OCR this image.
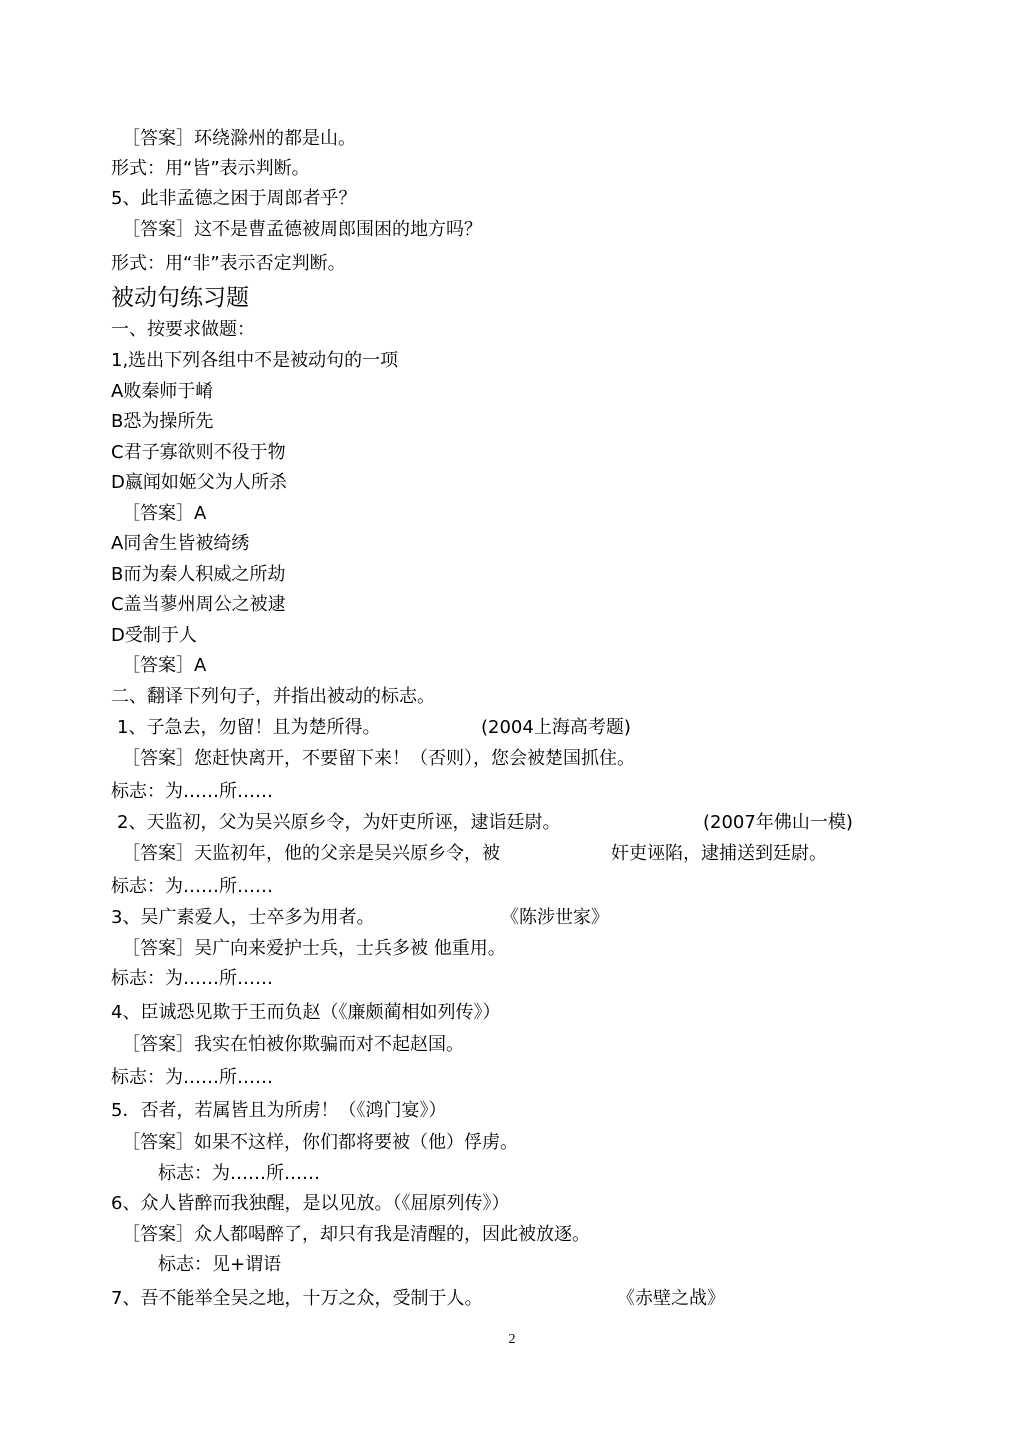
［答案］环绕滁州的都是山。
形式：用“皆”表示判断。
5、此非孟德之困于周郎者乎？
［答案］这不是曹孟德被周郎围困的地方吗？
形式：用“非”表示否定判断。
被动句练习题
一、按要求做题：
1,选出下列各组中不是被动句的一项
A败秦师于崤
B恐为操所先
C君子寡欲则不役于物
D嬴闻如姬父为人所杀
［答案］A
A同舍生皆被绮绣
B而为秦人积威之所劫
C盖当蓼州周公之被逮
D受制于人
［答案］A
二、翻译下列句子，并指出被动的标志。
1、子急去，勿留！且为楚所得。	(2004上海高考题)
［答案］您赶快离开，不要留下来！（否则），您会被楚国抓住。
标志：为……所……
2、天监初，父为吴兴原乡令，为奸吏所诬，逮诣廷尉。	(2007年佛山一模)
［答案］天监初年，他的父亲是吴兴原乡令，被	奸吏诬陷，逮捕送到廷尉。
标志：为……所……
3、吴广素爱人，士卒多为用者。	《陈涉世家》
［答案］吴广向来爱护士兵，士兵多被 他重用。
标志：为……所……
4、臣诚恐见欺于王而负赵（《廉颇蔺相如列传》）
［答案］我实在怕被你欺骗而对不起赵国。
标志：为……所……
5．否者，若属皆且为所虏！（《鸿门宴》）
［答案］如果不这样，你们都将要被（他）俘虏。
标志：为……所……
6、众人皆醉而我独醒，是以见放。（《屈原列传》）
［答案］众人都喝醉了，却只有我是清醒的，因此被放逐。
标志：见+谓语
7、吾不能举全吴之地，十万之众，受制于人。	《赤壁之战》
2
